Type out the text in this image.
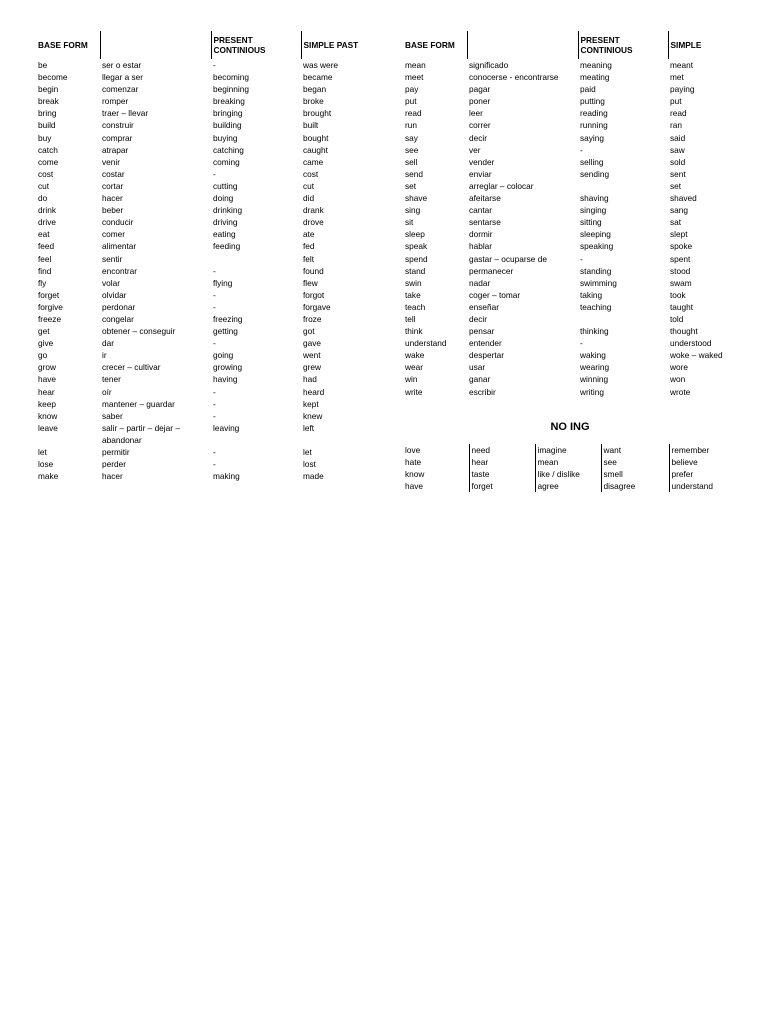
BASE FORM		PRESENT CONTINIOUS	SIMPLE PAST
be	ser o estar	-	was were
become	llegar a ser	becoming	became
begin	comenzar	beginning	began
break	romper	breaking	broke
bring	traer – llevar	bringing	brought
build	construir	building	built
buy	comprar	buying	bought
catch	atrapar	catching	caught
come	venir	coming	came
cost	costar	-	cost
cut	cortar	cutting	cut
do	hacer	doing	did
drink	beber	drinking	drank
drive	conducir	driving	drove
eat	comer	eating	ate
feed	alimentar	feeding	fed
feel	sentir		felt
find	encontrar	-	found
fly	volar	flying	flew
forget	olvidar	-	forgot
forgive	perdonar	-	forgave
freeze	congelar	freezing	froze
get	obtener – conseguir	getting	got
give	dar	-	gave
go	ir	going	went
grow	crecer – cultivar	growing	grew
have	tener	having	had
hear	oír	-	heard
keep	mantener – guardar	-	kept
know	saber	-	knew
leave	salir – partir – dejar –	leaving	left
	abandonar		
let	permitir	-	let
lose	perder	-	lost
make	hacer	making	made
BASE FORM		PRESENT CONTINIOUS	SIMPLE
mean	significado	meaning	meant
meet	conocerse - encontrarse	meating	met
pay	pagar	paid	paying
put	poner	putting	put
read	leer	reading	read
run	correr	running	ran
say	decir	saying	said
see	ver	-	saw
sell	vender	selling	sold
send	enviar	sending	sent
set	arreglar – colocar		set
shave	afeitarse	shaving	shaved
sing	cantar	singing	sang
sit	sentarse	sitting	sat
sleep	dormir	sleeping	slept
speak	hablar	speaking	spoke
spend	gastar – ocuparse de	-	spent
stand	permanecer	standing	stood
swin	nadar	swimming	swam
take	coger – tomar	taking	took
teach	enseñar	teaching	taught
tell	decir		told
think	pensar	thinking	thought
understand	entender	-	understood
wake	despertar	waking	woke – waked
wear	usar	wearing	wore
win	ganar	winning	won
write	escribir	writing	wrote
NO ING
love	need	imagine	want	remember
hate	hear	mean	see	believe
know	taste	like / dislike	smell	prefer
have	forget	agree	disagree	understand
